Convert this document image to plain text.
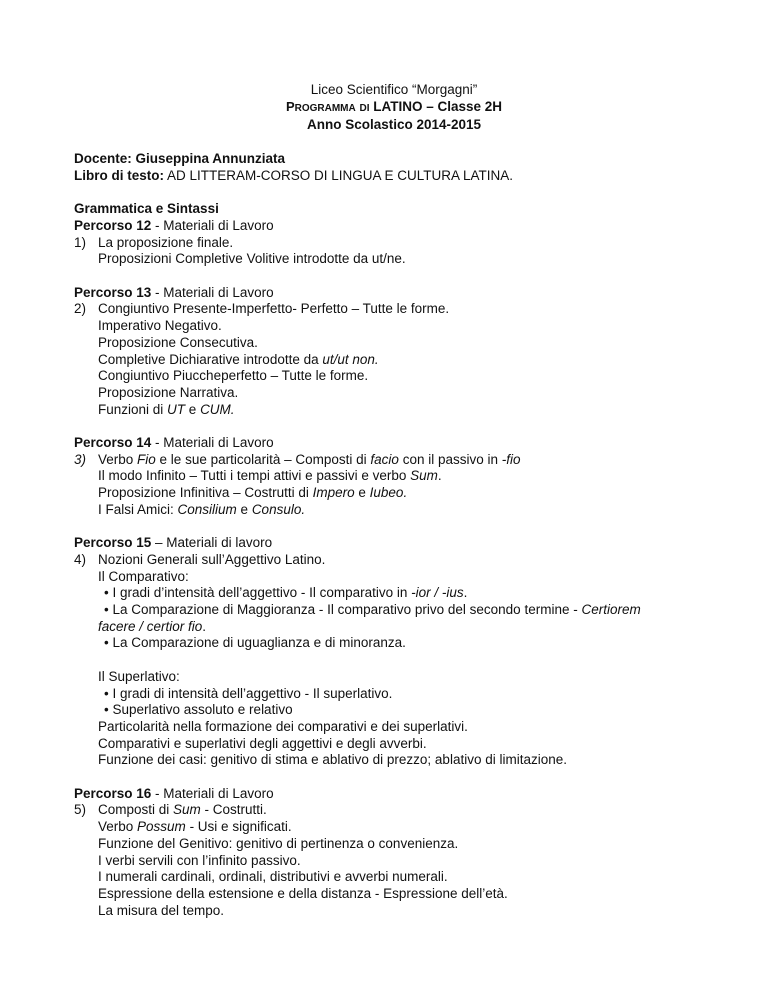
Liceo Scientifico “Morgagni”
PROGRAMMA DI LATINO – Classe 2H
Anno Scolastico 2014-2015
Docente: Giuseppina Annunziata
Libro di testo: AD LITTERAM-CORSO DI LINGUA E CULTURA LATINA.
Grammatica e Sintassi
Percorso 12 - Materiali di Lavoro
1) La proposizione finale.
Proposizioni Completive Volitive introdotte da ut/ne.
Percorso 13 - Materiali di Lavoro
2) Congiuntivo Presente-Imperfetto- Perfetto – Tutte le forme.
Imperativo Negativo.
Proposizione Consecutiva.
Completive Dichiarative introdotte da ut/ut non.
Congiuntivo Piuccheperfetto – Tutte le forme.
Proposizione Narrativa.
Funzioni di UT e CUM.
Percorso 14 - Materiali di Lavoro
3) Verbo Fio e le sue particolarità – Composti di facio con il passivo in -fio
Il modo Infinito – Tutti i tempi attivi e passivi e verbo Sum.
Proposizione Infinitiva – Costrutti di Impero e Iubeo.
I Falsi Amici: Consilium e Consulo.
Percorso 15 – Materiali di lavoro
4) Nozioni Generali sull’Aggettivo Latino.
Il Comparativo:
• I gradi d’intensità dell’aggettivo - Il comparativo in -ior / -ius.
• La Comparazione di Maggioranza - Il comparativo privo del secondo termine - Certiorem
facere / certior fio.
• La Comparazione di uguaglianza e di minoranza.
Il Superlativo:
• I gradi di intensità dell’aggettivo - Il superlativo.
• Superlativo assoluto e relativo
Particolarità nella formazione dei comparativi e dei superlativi.
Comparativi e superlativi degli aggettivi e degli avverbi.
Funzione dei casi: genitivo di stima e ablativo di prezzo; ablativo di limitazione.
Percorso 16 - Materiali di Lavoro
5) Composti di Sum - Costrutti.
Verbo Possum - Usi e significati.
Funzione del Genitivo: genitivo di pertinenza o convenienza.
I verbi servili con l’infinito passivo.
I numerali cardinali, ordinali, distributivi e avverbi numerali.
Espressione della estensione e della distanza - Espressione dell’età.
La misura del tempo.
